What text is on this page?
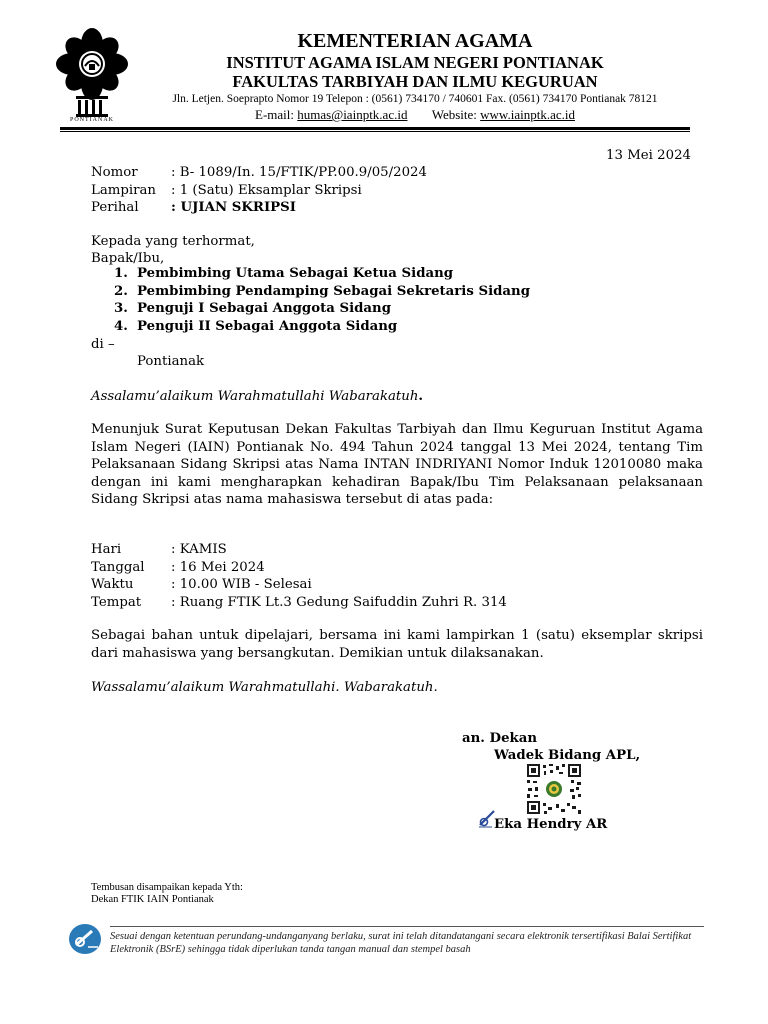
PONTIANAK
KEMENTERIAN AGAMA
INSTITUT AGAMA ISLAM NEGERI PONTIANAK
FAKULTAS TARBIYAH DAN ILMU KEGURUAN
Jln. Letjen. Soeprapto Nomor 19 Telepon : (0561) 734170 / 740601 Fax. (0561) 734170 Pontianak 78121
E-mail: humas@iainptk.ac.id Website: www.iainptk.ac.id
13 Mei 2024
Nomor	: B- 1089/In. 15/FTIK/PP.00.9/05/2024
Lampiran : 1 (Satu) Eksamplar Skripsi
Perihal : UJIAN SKRIPSI
Kepada yang terhormat,
Bapak/Ibu,
1. Pembimbing Utama Sebagai Ketua Sidang
2. Pembimbing Pendamping Sebagai Sekretaris Sidang
3. Penguji I Sebagai Anggota Sidang
4. Penguji II Sebagai Anggota Sidang
di –
Pontianak
Assalamu’alaikum Warahmatullahi Wabarakatuh.
Menunjuk Surat Keputusan Dekan Fakultas Tarbiyah dan Ilmu Keguruan Institut Agama Islam Negeri (IAIN) Pontianak No. 494 Tahun 2024 tanggal 13 Mei 2024, tentang Tim Pelaksanaan Sidang Skripsi atas Nama INTAN INDRIYANI Nomor Induk 12010080 maka dengan ini kami mengharapkan kehadiran Bapak/Ibu Tim Pelaksanaan pelaksanaan Sidang Skripsi atas nama mahasiswa tersebut di atas pada:
Hari	: KAMIS
Tanggal : 16 Mei 2024
Waktu	: 10.00 WIB - Selesai
Tempat : Ruang FTIK Lt.3 Gedung Saifuddin Zuhri R. 314
Sebagai bahan untuk dipelajari, bersama ini kami lampirkan 1 (satu) eksemplar skripsi dari mahasiswa yang bersangkutan. Demikian untuk dilaksanakan.
Wassalamu’alaikum Warahmatullahi. Wabarakatuh.
an. Dekan
Wadek Bidang APL,
Eka Hendry AR
Tembusan disampaikan kepada Yth:
Dekan FTIK IAIN Pontianak
Sesuai dengan ketentuan perundang-undanganyang berlaku, surat ini telah ditandatangani secara elektronik tersertifikasi Balai Sertifikat Elektronik (BSrE) sehingga tidak diperlukan tanda tangan manual dan stempel basah
